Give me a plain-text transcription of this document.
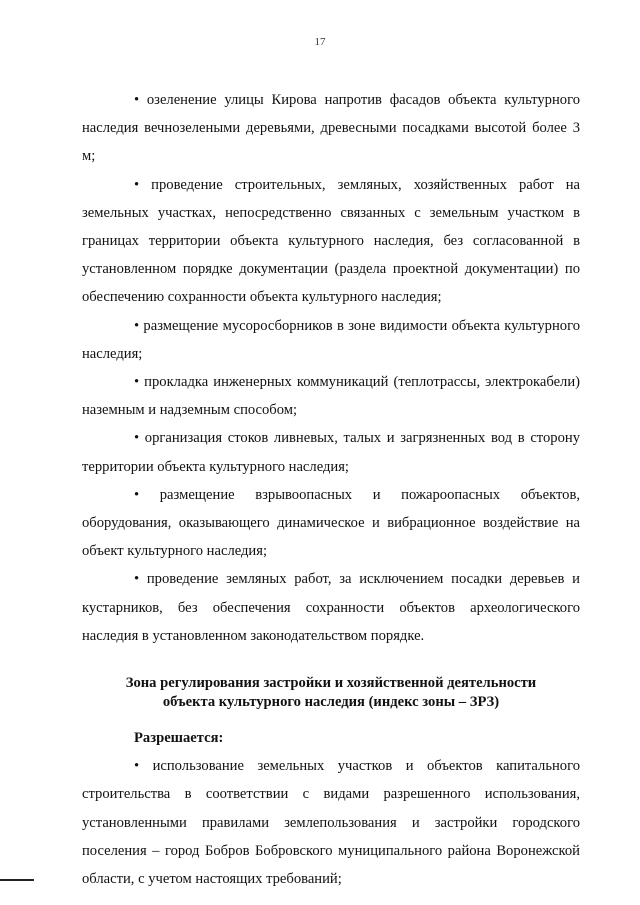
17

• озеленение улицы Кирова напротив фасадов объекта культурного наследия вечнозелеными деревьями, древесными посадками высотой более 3 м;

• проведение строительных, земляных, хозяйственных работ на земельных участках, непосредственно связанных с земельным участком в границах территории объекта культурного наследия, без согласованной в установленном порядке документации (раздела проектной документации) по обеспечению сохранности объекта культурного наследия;

• размещение мусоросборников в зоне видимости объекта культурного наследия;

• прокладка инженерных коммуникаций (теплотрассы, электрокабели) наземным и надземным способом;

• организация стоков ливневых, талых и загрязненных вод в сторону территории объекта культурного наследия;

• размещение взрывоопасных и пожароопасных объектов, оборудования, оказывающего динамическое и вибрационное воздействие на объект культурного наследия;

• проведение земляных работ, за исключением посадки деревьев и кустарников, без обеспечения сохранности объектов археологического наследия в установленном законодательством порядке.

Зона регулирования застройки и хозяйственной деятельности
объекта культурного наследия (индекс зоны – ЗРЗ)

Разрешается:

• использование земельных участков и объектов капитального строительства в соответствии с видами разрешенного использования, установленными правилами землепользования и застройки городского поселения – город Бобров Бобровского муниципального района Воронежской области, с учетом настоящих требований;
